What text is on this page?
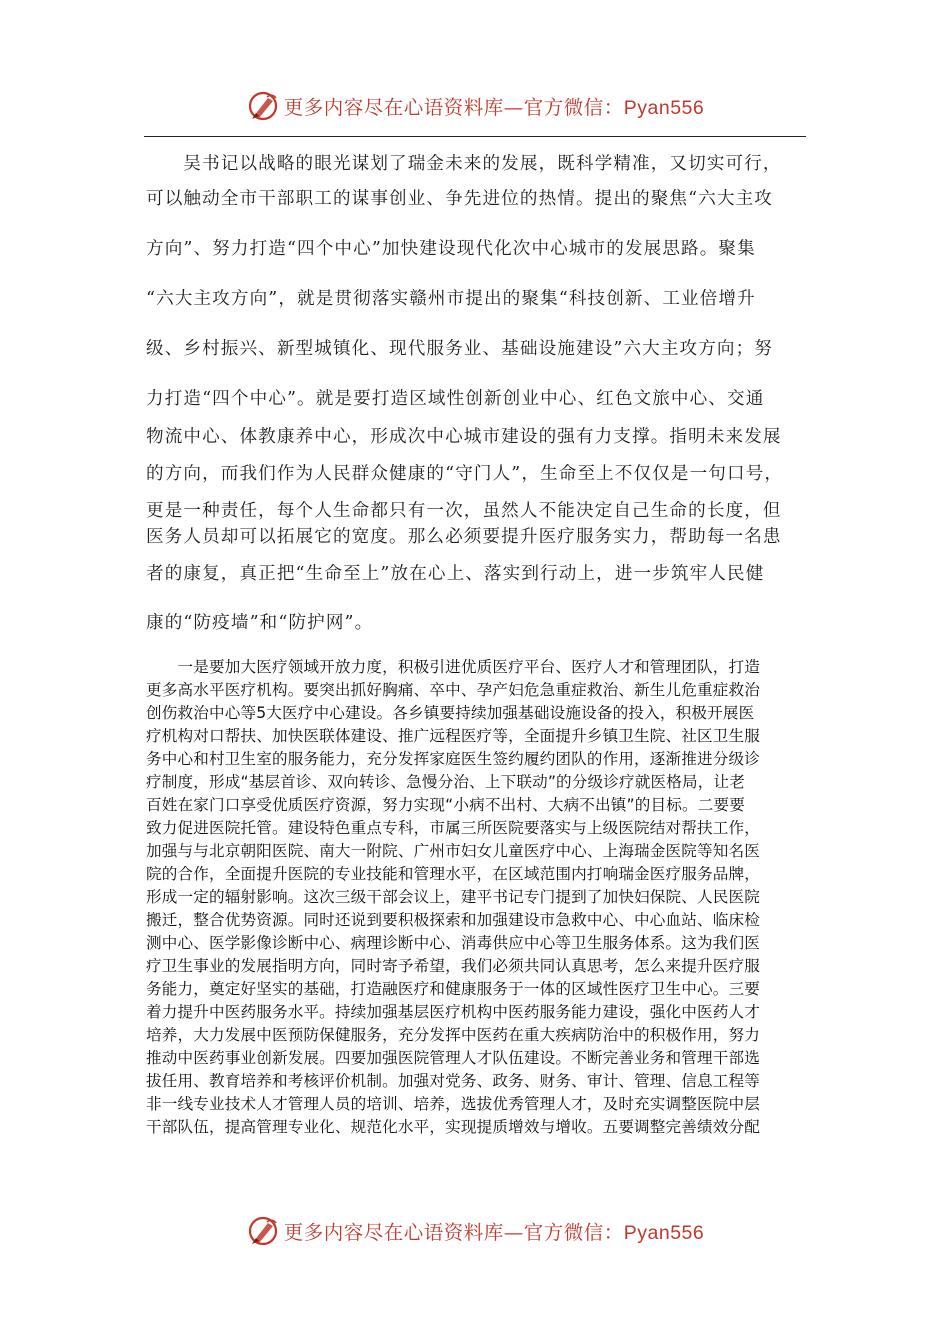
更多内容尽在心语资料库—官方微信：Pyan556
　　吴书记以战略的眼光谋划了瑞金未来的发展，既科学精准，又切实可行，
可以触动全市干部职工的谋事创业、争先进位的热情。提出的聚焦“六大主攻
方向”、努力打造“四个中心”加快建设现代化次中心城市的发展思路。聚集
“六大主攻方向”，就是贯彻落实赣州市提出的聚集“科技创新、工业倍增升
级、乡村振兴、新型城镇化、现代服务业、基础设施建设”六大主攻方向；努
力打造“四个中心”。就是要打造区域性创新创业中心、红色文旅中心、交通
物流中心、体教康养中心，形成次中心城市建设的强有力支撑。指明未来发展
的方向，而我们作为人民群众健康的“守门人”，生命至上不仅仅是一句口号，
更是一种责任，每个人生命都只有一次，虽然人不能决定自己生命的长度，但
医务人员却可以拓展它的宽度。那么必须要提升医疗服务实力，帮助每一名患
者的康复，真正把“生命至上”放在心上、落实到行动上，进一步筑牢人民健
康的“防疫墙”和“防护网”。
　　一是要加大医疗领域开放力度，积极引进优质医疗平台、医疗人才和管理团队，打造
更多高水平医疗机构。要突出抓好胸痛、卒中、孕产妇危急重症救治、新生儿危重症救治
创伤救治中心等5大医疗中心建设。各乡镇要持续加强基础设施设备的投入，积极开展医
疗机构对口帮扶、加快医联体建设、推广远程医疗等，全面提升乡镇卫生院、社区卫生服
务中心和村卫生室的服务能力，充分发挥家庭医生签约履约团队的作用，逐渐推进分级诊
疗制度，形成“基层首诊、双向转诊、急慢分治、上下联动”的分级诊疗就医格局，让老
百姓在家门口享受优质医疗资源，努力实现“小病不出村、大病不出镇”的目标。二要要
致力促进医院托管。建设特色重点专科，市属三所医院要落实与上级医院结对帮扶工作，
加强与与北京朝阳医院、南大一附院、广州市妇女儿童医疗中心、上海瑞金医院等知名医
院的合作，全面提升医院的专业技能和管理水平，在区域范围内打响瑞金医疗服务品牌，
形成一定的辐射影响。这次三级干部会议上，建平书记专门提到了加快妇保院、人民医院
搬迁，整合优势资源。同时还说到要积极探索和加强建设市急救中心、中心血站、临床检
测中心、医学影像诊断中心、病理诊断中心、消毒供应中心等卫生服务体系。这为我们医
疗卫生事业的发展指明方向，同时寄予希望，我们必须共同认真思考，怎么来提升医疗服
务能力，奠定好坚实的基础，打造融医疗和健康服务于一体的区域性医疗卫生中心。三要
着力提升中医药服务水平。持续加强基层医疗机构中医药服务能力建设，强化中医药人才
培养，大力发展中医预防保健服务，充分发挥中医药在重大疾病防治中的积极作用，努力
推动中医药事业创新发展。四要加强医院管理人才队伍建设。不断完善业务和管理干部选
拔任用、教育培养和考核评价机制。加强对党务、政务、财务、审计、管理、信息工程等
非一线专业技术人才管理人员的培训、培养，选拔优秀管理人才，及时充实调整医院中层
干部队伍，提高管理专业化、规范化水平，实现提质增效与增收。五要调整完善绩效分配
更多内容尽在心语资料库—官方微信：Pyan556
